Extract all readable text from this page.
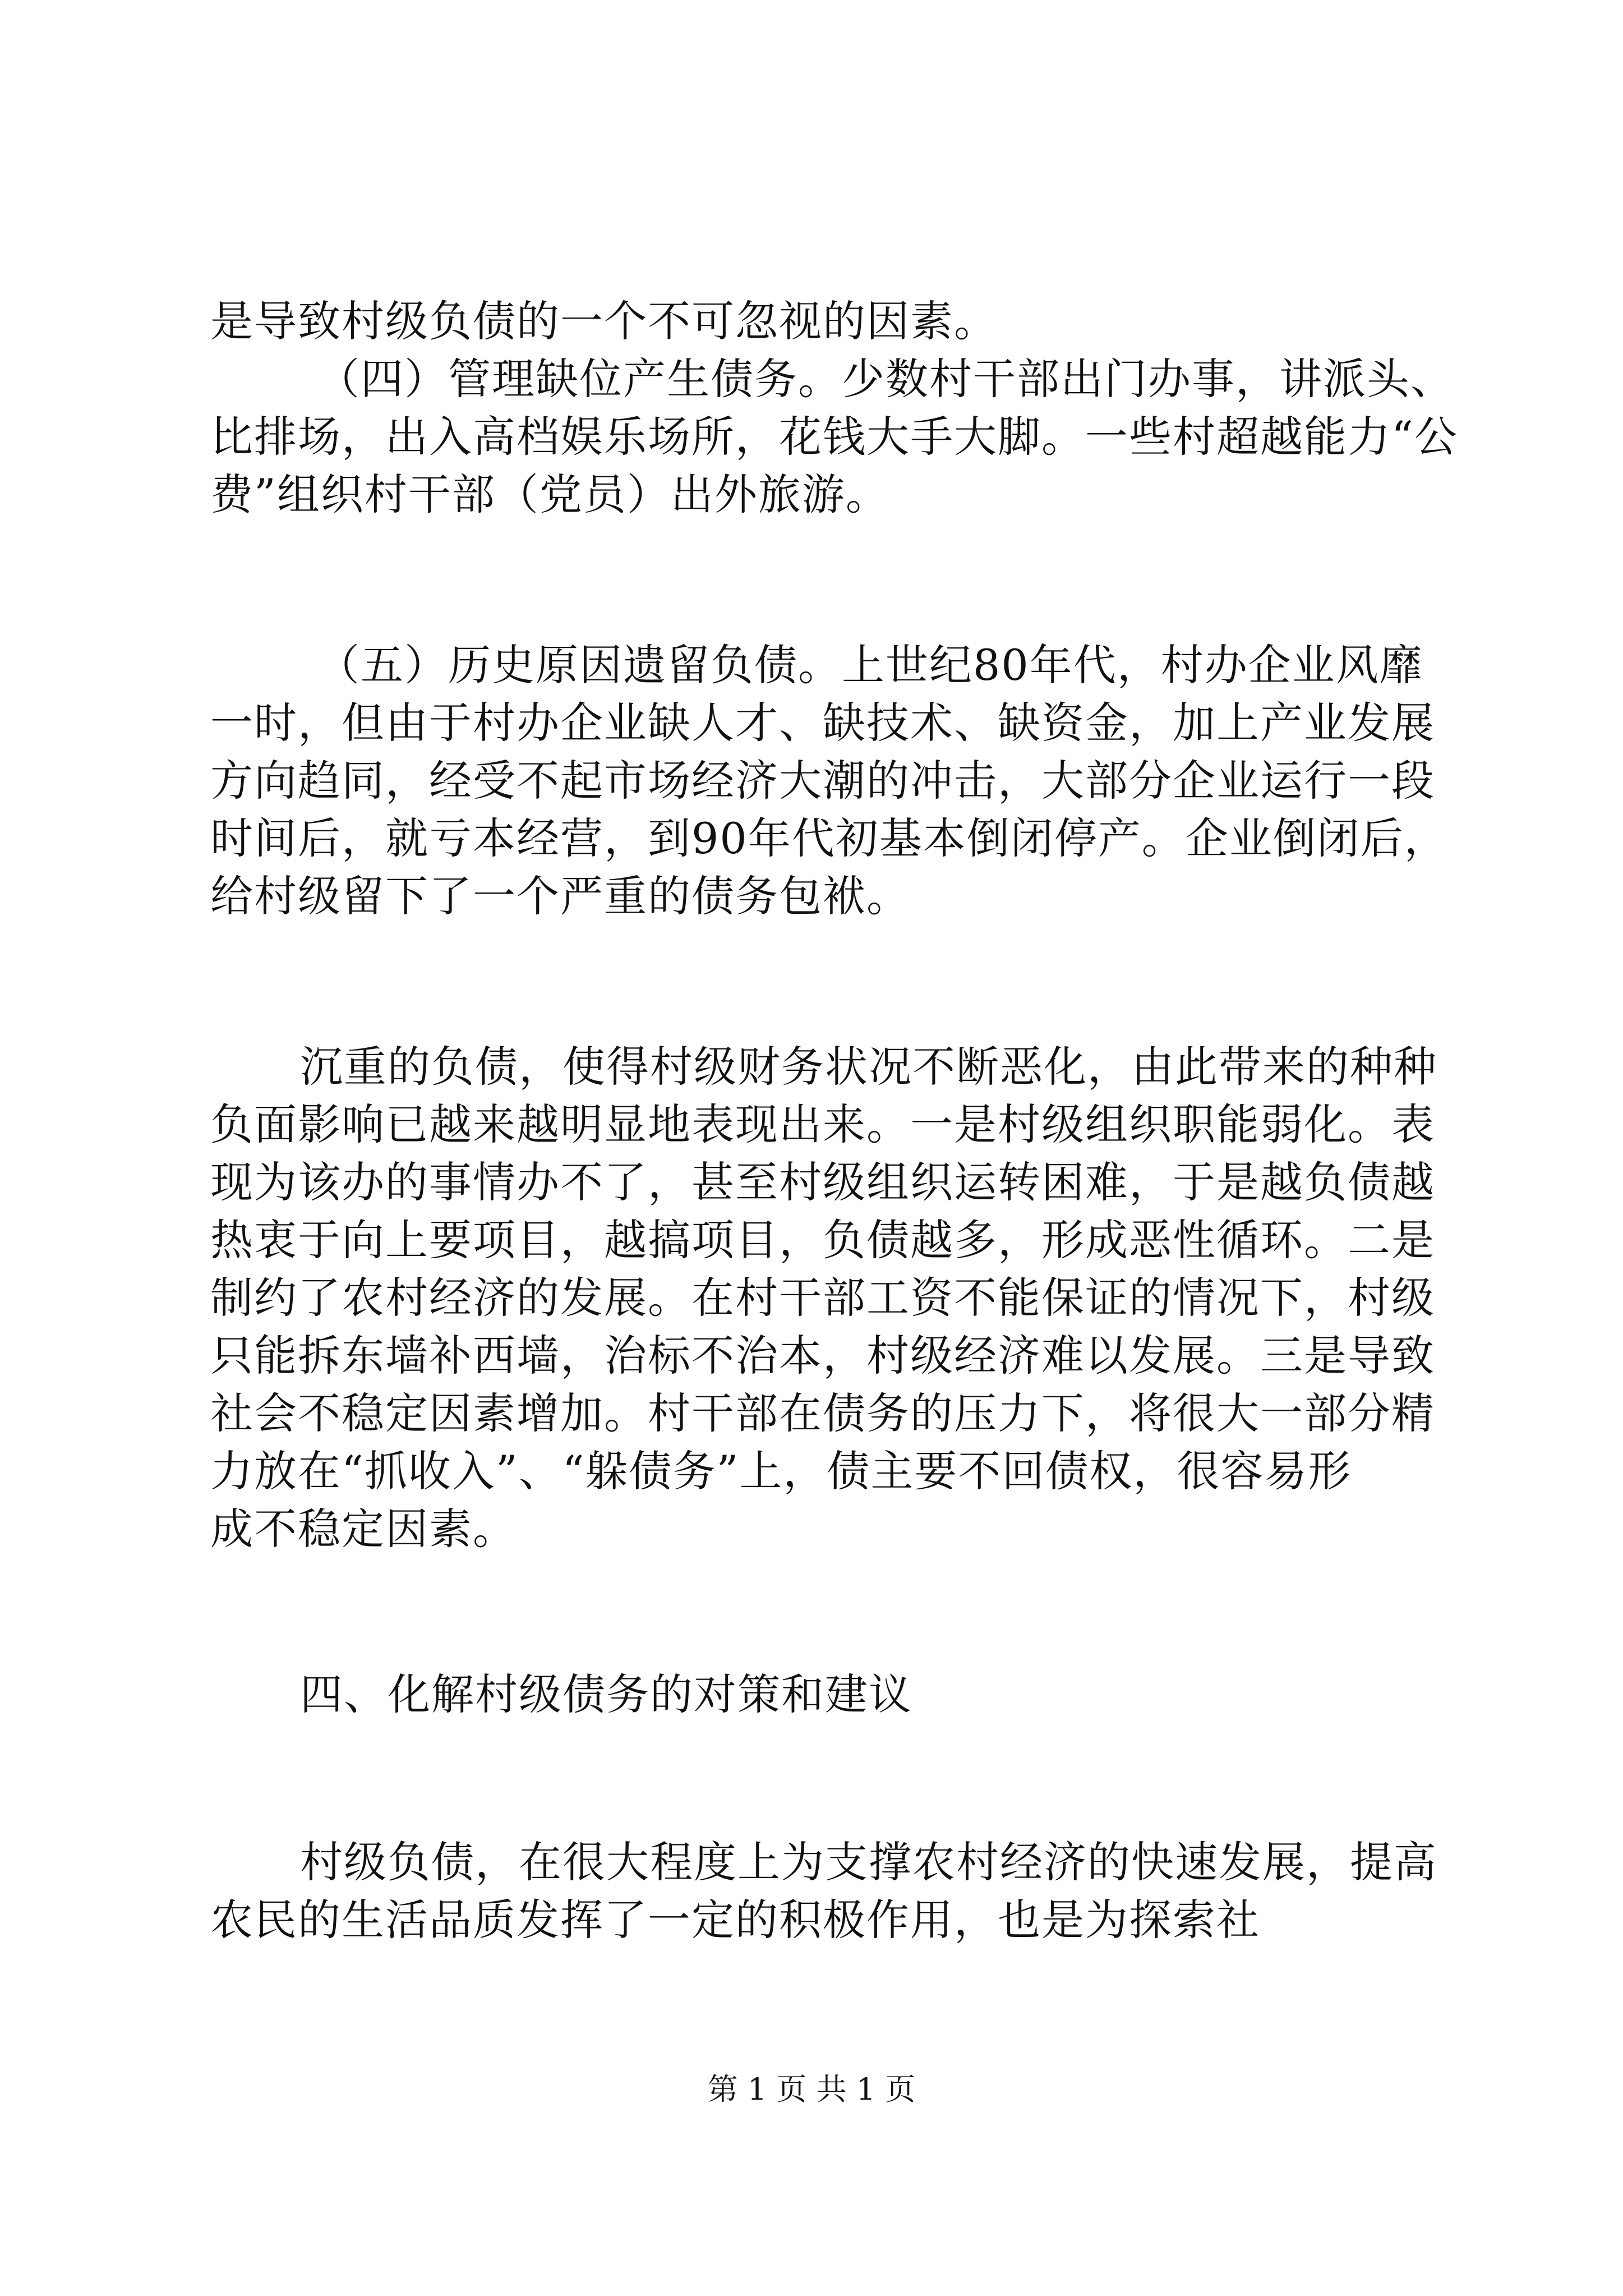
是导致村级负债的一个不可忽视的因素。
（四）管理缺位产生债务。少数村干部出门办事，讲派头、
比排场，出入高档娱乐场所，花钱大手大脚。一些村超越能力“公
费”组织村干部（党员）出外旅游。
（五）历史原因遗留负债。上世纪80年代，村办企业风靡
一时，但由于村办企业缺人才、缺技术、缺资金，加上产业发展
方向趋同，经受不起市场经济大潮的冲击，大部分企业运行一段
时间后，就亏本经营，到90年代初基本倒闭停产。企业倒闭后，
给村级留下了一个严重的债务包袱。
沉重的负债，使得村级财务状况不断恶化，由此带来的种种
负面影响已越来越明显地表现出来。一是村级组织职能弱化。表
现为该办的事情办不了，甚至村级组织运转困难，于是越负债越
热衷于向上要项目，越搞项目，负债越多，形成恶性循环。二是
制约了农村经济的发展。在村干部工资不能保证的情况下，村级
只能拆东墙补西墙，治标不治本，村级经济难以发展。三是导致
社会不稳定因素增加。村干部在债务的压力下，将很大一部分精
力放在“抓收入”、“躲债务”上，债主要不回债权，很容易形
成不稳定因素。
四、化解村级债务的对策和建议
村级负债，在很大程度上为支撑农村经济的快速发展，提高
农民的生活品质发挥了一定的积极作用，也是为探索社
第 1 页 共 1 页
